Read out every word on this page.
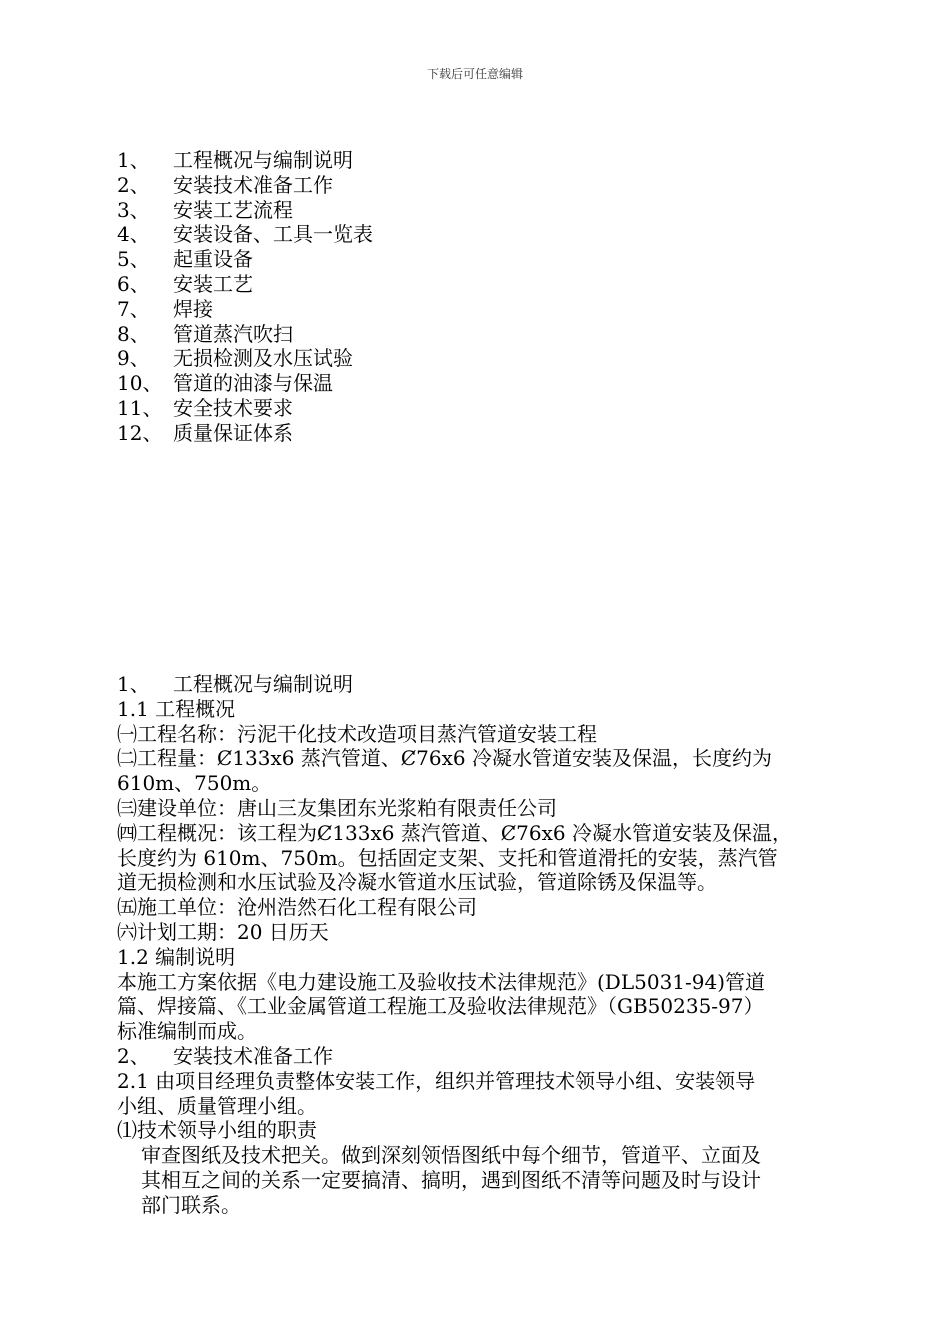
下载后可任意编辑
1、	工程概况与编制说明
2、	安装技术准备工作
3、	安装工艺流程
4、	安装设备、工具一览表
5、	起重设备
6、	安装工艺
7、	焊接
8、	管道蒸汽吹扫
9、	无损检测及水压试验
10、 管道的油漆与保温
11、 安全技术要求
12、 质量保证体系
1、	工程概况与编制说明
1.1 工程概况
㈠工程名称：污泥干化技术改造项目蒸汽管道安装工程
㈡工程量：Ȼ133x6 蒸汽管道、Ȼ76x6 冷凝水管道安装及保温，长度约为
610m、750m。
㈢建设单位：唐山三友集团东光浆粕有限责任公司
㈣工程概况：该工程为Ȼ133x6 蒸汽管道、Ȼ76x6 冷凝水管道安装及保温，
长度约为 610m、750m。包括固定支架、支托和管道滑托的安装，蒸汽管
道无损检测和水压试验及冷凝水管道水压试验，管道除锈及保温等。
㈤施工单位：沧州浩然石化工程有限公司
㈥计划工期：20 日历天
1.2 编制说明
本施工方案依据《电力建设施工及验收技术法律规范》(DL5031-94)管道
篇、焊接篇、《工业金属管道工程施工及验收法律规范》（GB50235-97）
标准编制而成。
2、	安装技术准备工作
2.1 由项目经理负责整体安装工作，组织并管理技术领导小组、安装领导
小组、质量管理小组。
⑴技术领导小组的职责
审查图纸及技术把关。做到深刻领悟图纸中每个细节，管道平、立面及
其相互之间的关系一定要搞清、搞明，遇到图纸不清等问题及时与设计
部门联系。
